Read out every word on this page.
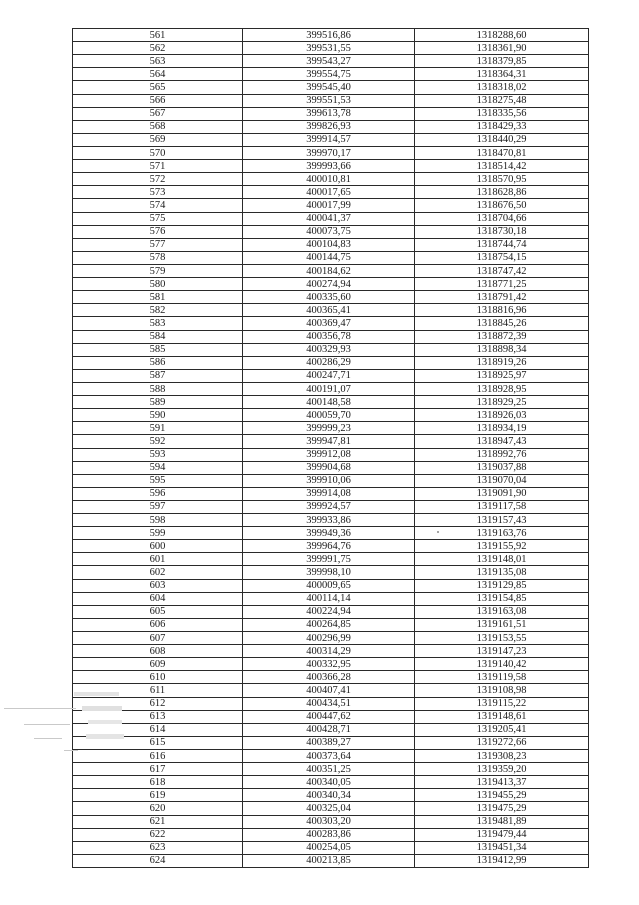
561	399516,86	1318288,60
562	399531,55	1318361,90
563	399543,27	1318379,85
564	399554,75	1318364,31
565	399545,40	1318318,02
566	399551,53	1318275,48
567	399613,78	1318335,56
568	399826,93	1318429,33
569	399914,57	1318440,29
570	399970,17	1318470,81
571	399993,66	1318514,42
572	400010,81	1318570,95
573	400017,65	1318628,86
574	400017,99	1318676,50
575	400041,37	1318704,66
576	400073,75	1318730,18
577	400104,83	1318744,74
578	400144,75	1318754,15
579	400184,62	1318747,42
580	400274,94	1318771,25
581	400335,60	1318791,42
582	400365,41	1318816,96
583	400369,47	1318845,26
584	400356,78	1318872,39
585	400329,93	1318898,34
586	400286,29	1318919,26
587	400247,71	1318925,97
588	400191,07	1318928,95
589	400148,58	1318929,25
590	400059,70	1318926,03
591	399999,23	1318934,19
592	399947,81	1318947,43
593	399912,08	1318992,76
594	399904,68	1319037,88
595	399910,06	1319070,04
596	399914,08	1319091,90
597	399924,57	1319117,58
598	399933,86	1319157,43
599	399949,36	1319163,76
600	399964,76	1319155,92
601	399991,75	1319148,01
602	399998,10	1319135,08
603	400009,65	1319129,85
604	400114,14	1319154,85
605	400224,94	1319163,08
606	400264,85	1319161,51
607	400296,99	1319153,55
608	400314,29	1319147,23
609	400332,95	1319140,42
610	400366,28	1319119,58
611	400407,41	1319108,98
612	400434,51	1319115,22
613	400447,62	1319148,61
614	400428,71	1319205,41
615	400389,27	1319272,66
616	400373,64	1319308,23
617	400351,25	1319359,20
618	400340,05	1319413,37
619	400340,34	1319455,29
620	400325,04	1319475,29
621	400303,20	1319481,89
622	400283,86	1319479,44
623	400254,05	1319451,34
624	400213,85	1319412,99
